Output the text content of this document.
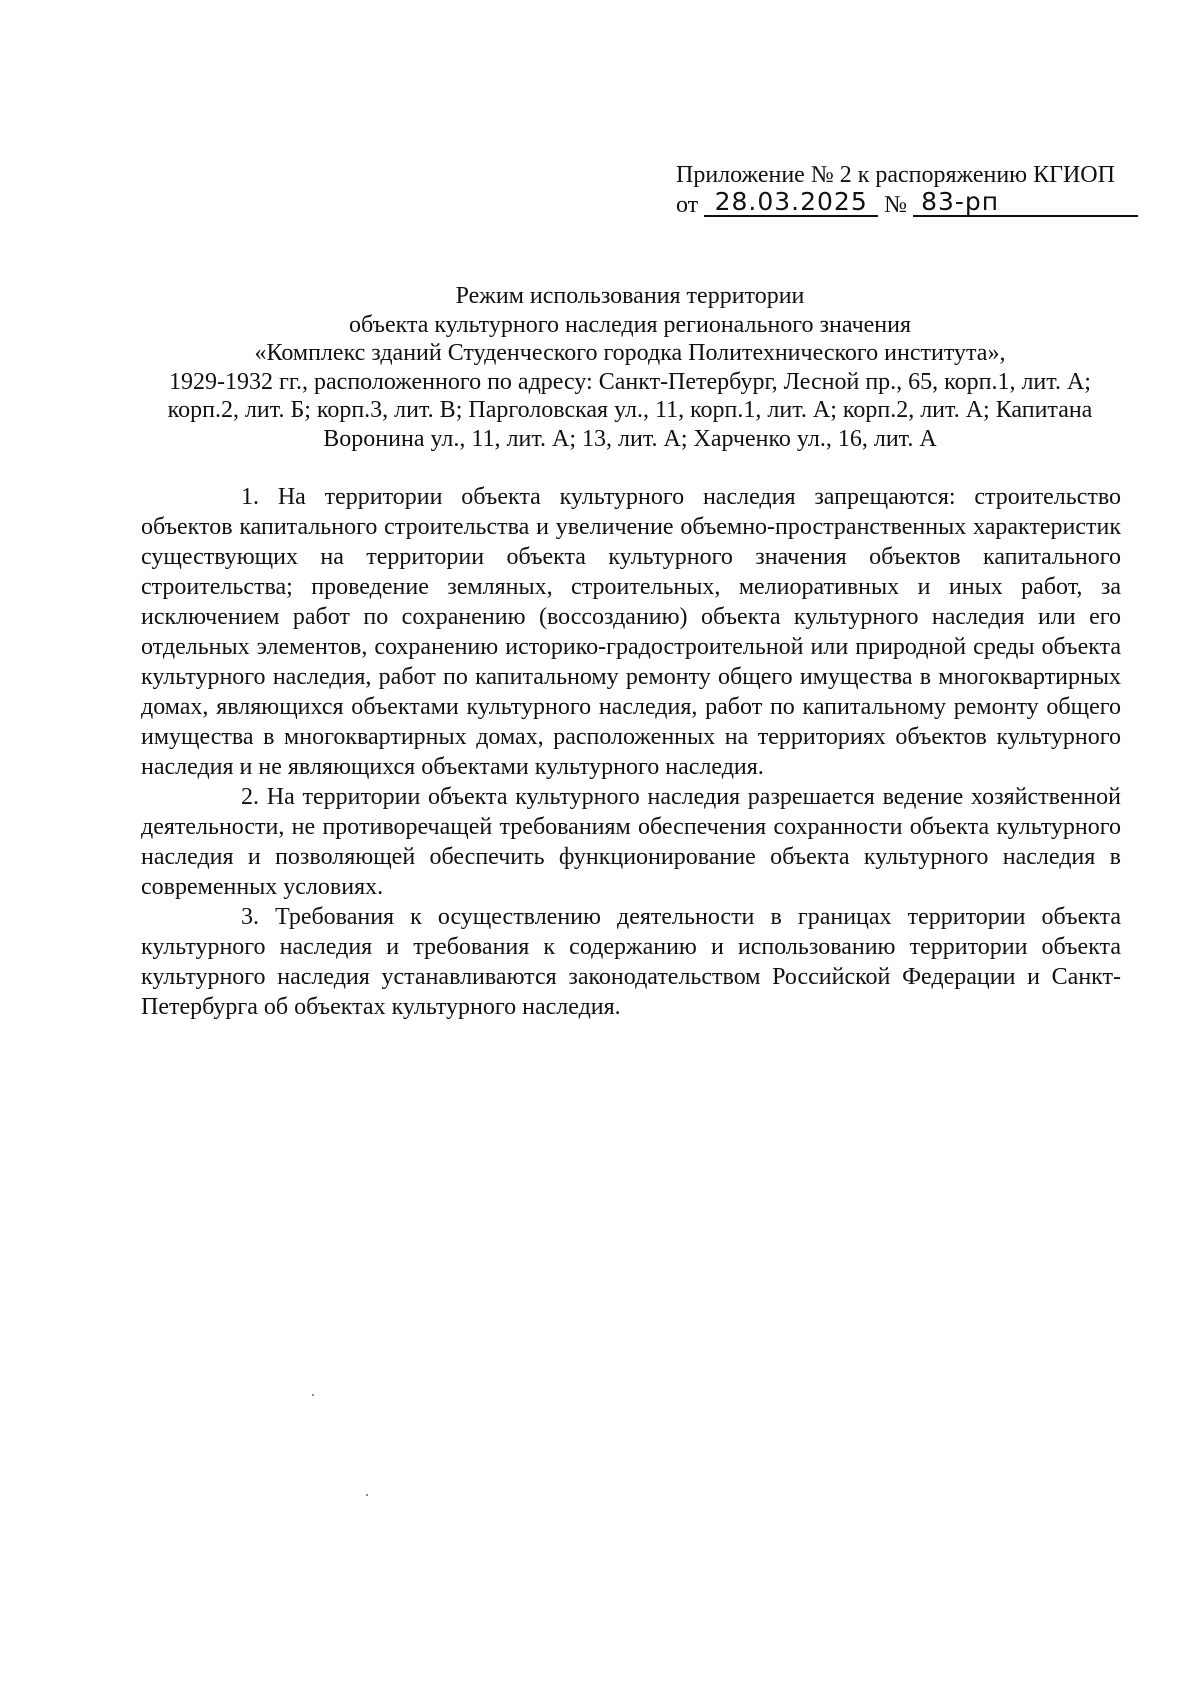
Приложение № 2 к распоряжению КГИОП
от 28.03.2025 № 83-рп
Режим использования территории
объекта культурного наследия регионального значения
«Комплекс зданий Студенческого городка Политехнического института»,
1929-1932 гг., расположенного по адресу: Санкт-Петербург, Лесной пр., 65, корп.1, лит. А;
корп.2, лит. Б; корп.3, лит. В; Парголовская ул., 11, корп.1, лит. А; корп.2, лит. А; Капитана
Воронина ул., 11, лит. А; 13, лит. А; Харченко ул., 16, лит. А

1. На территории объекта культурного наследия запрещаются: строительство объектов капитального строительства и увеличение объемно-пространственных характеристик существующих на территории объекта культурного значения объектов капитального строительства; проведение земляных, строительных, мелиоративных и иных работ, за исключением работ по сохранению (воссозданию) объекта культурного наследия или его отдельных элементов, сохранению историко-градостроительной или природной среды объекта культурного наследия, работ по капитальному ремонту общего имущества в многоквартирных домах, являющихся объектами культурного наследия, работ по капитальному ремонту общего имущества в многоквартирных домах, расположенных на территориях объектов культурного наследия и не являющихся объектами культурного наследия.

2. На территории объекта культурного наследия разрешается ведение хозяйственной деятельности, не противоречащей требованиям обеспечения сохранности объекта культурного наследия и позволяющей обеспечить функционирование объекта культурного наследия в современных условиях.

3. Требования к осуществлению деятельности в границах территории объекта культурного наследия и требования к содержанию и использованию территории объекта культурного наследия устанавливаются законодательством Российской Федерации и Санкт-Петербурга об объектах культурного наследия.
